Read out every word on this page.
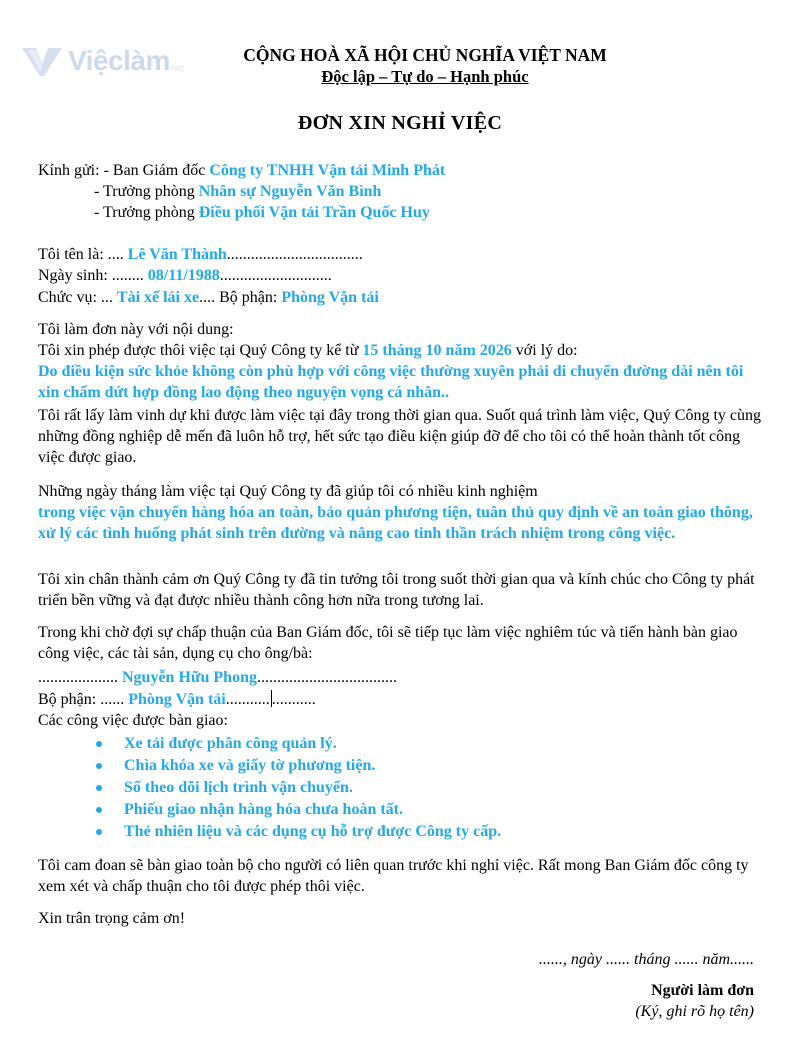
Việclàm net
CỘNG HOÀ XÃ HỘI CHỦ NGHĨA VIỆT NAM
Độc lập – Tự do – Hạnh phúc
ĐƠN XIN NGHỈ VIỆC
Kính gửi: - Ban Giám đốc Công ty TNHH Vận tải Minh Phát
- Trưởng phòng Nhân sự Nguyễn Văn Bình
- Trưởng phòng Điều phối Vận tải Trần Quốc Huy
Tôi tên là: .... Lê Văn Thành..................................
Ngày sinh: ........ 08/11/1988............................
Chức vụ: ... Tài xế lái xe.... Bộ phận: Phòng Vận tải
Tôi làm đơn này với nội dung:
Tôi xin phép được thôi việc tại Quý Công ty kể từ 15 tháng 10 năm 2026 với lý do:
Do điều kiện sức khỏe không còn phù hợp với công việc thường xuyên phải di chuyển đường dài nên tôi xin chấm dứt hợp đồng lao động theo nguyện vọng cá nhân..
Tôi rất lấy làm vinh dự khi được làm việc tại đây trong thời gian qua. Suốt quá trình làm việc, Quý Công ty cùng những đồng nghiệp dễ mến đã luôn hỗ trợ, hết sức tạo điều kiện giúp đỡ để cho tôi có thể hoàn thành tốt công việc được giao.
Những ngày tháng làm việc tại Quý Công ty đã giúp tôi có nhiều kinh nghiệm
trong việc vận chuyển hàng hóa an toàn, bảo quản phương tiện, tuân thủ quy định về an toàn giao thông, xử lý các tình huống phát sinh trên đường và nâng cao tinh thần trách nhiệm trong công việc.
Tôi xin chân thành cảm ơn Quý Công ty đã tin tưởng tôi trong suốt thời gian qua và kính chúc cho Công ty phát triển bền vững và đạt được nhiều thành công hơn nữa trong tương lai.
Trong khi chờ đợi sự chấp thuận của Ban Giám đốc, tôi sẽ tiếp tục làm việc nghiêm túc và tiến hành bàn giao công việc, các tài sản, dụng cụ cho ông/bà:
.................... Nguyễn Hữu Phong...................................
Bộ phận: ...... Phòng Vận tải........... ...........
Các công việc được bàn giao:
Xe tải được phân công quản lý.
Chìa khóa xe và giấy tờ phương tiện.
Sổ theo dõi lịch trình vận chuyển.
Phiếu giao nhận hàng hóa chưa hoàn tất.
Thẻ nhiên liệu và các dụng cụ hỗ trợ được Công ty cấp.
Tôi cam đoan sẽ bàn giao toàn bộ cho người có liên quan trước khi nghỉ việc. Rất mong Ban Giám đốc công ty xem xét và chấp thuận cho tôi được phép thôi việc.
Xin trân trọng cảm ơn!
......, ngày ...... tháng ...... năm......
Người làm đơn
(Ký, ghi rõ họ tên)
